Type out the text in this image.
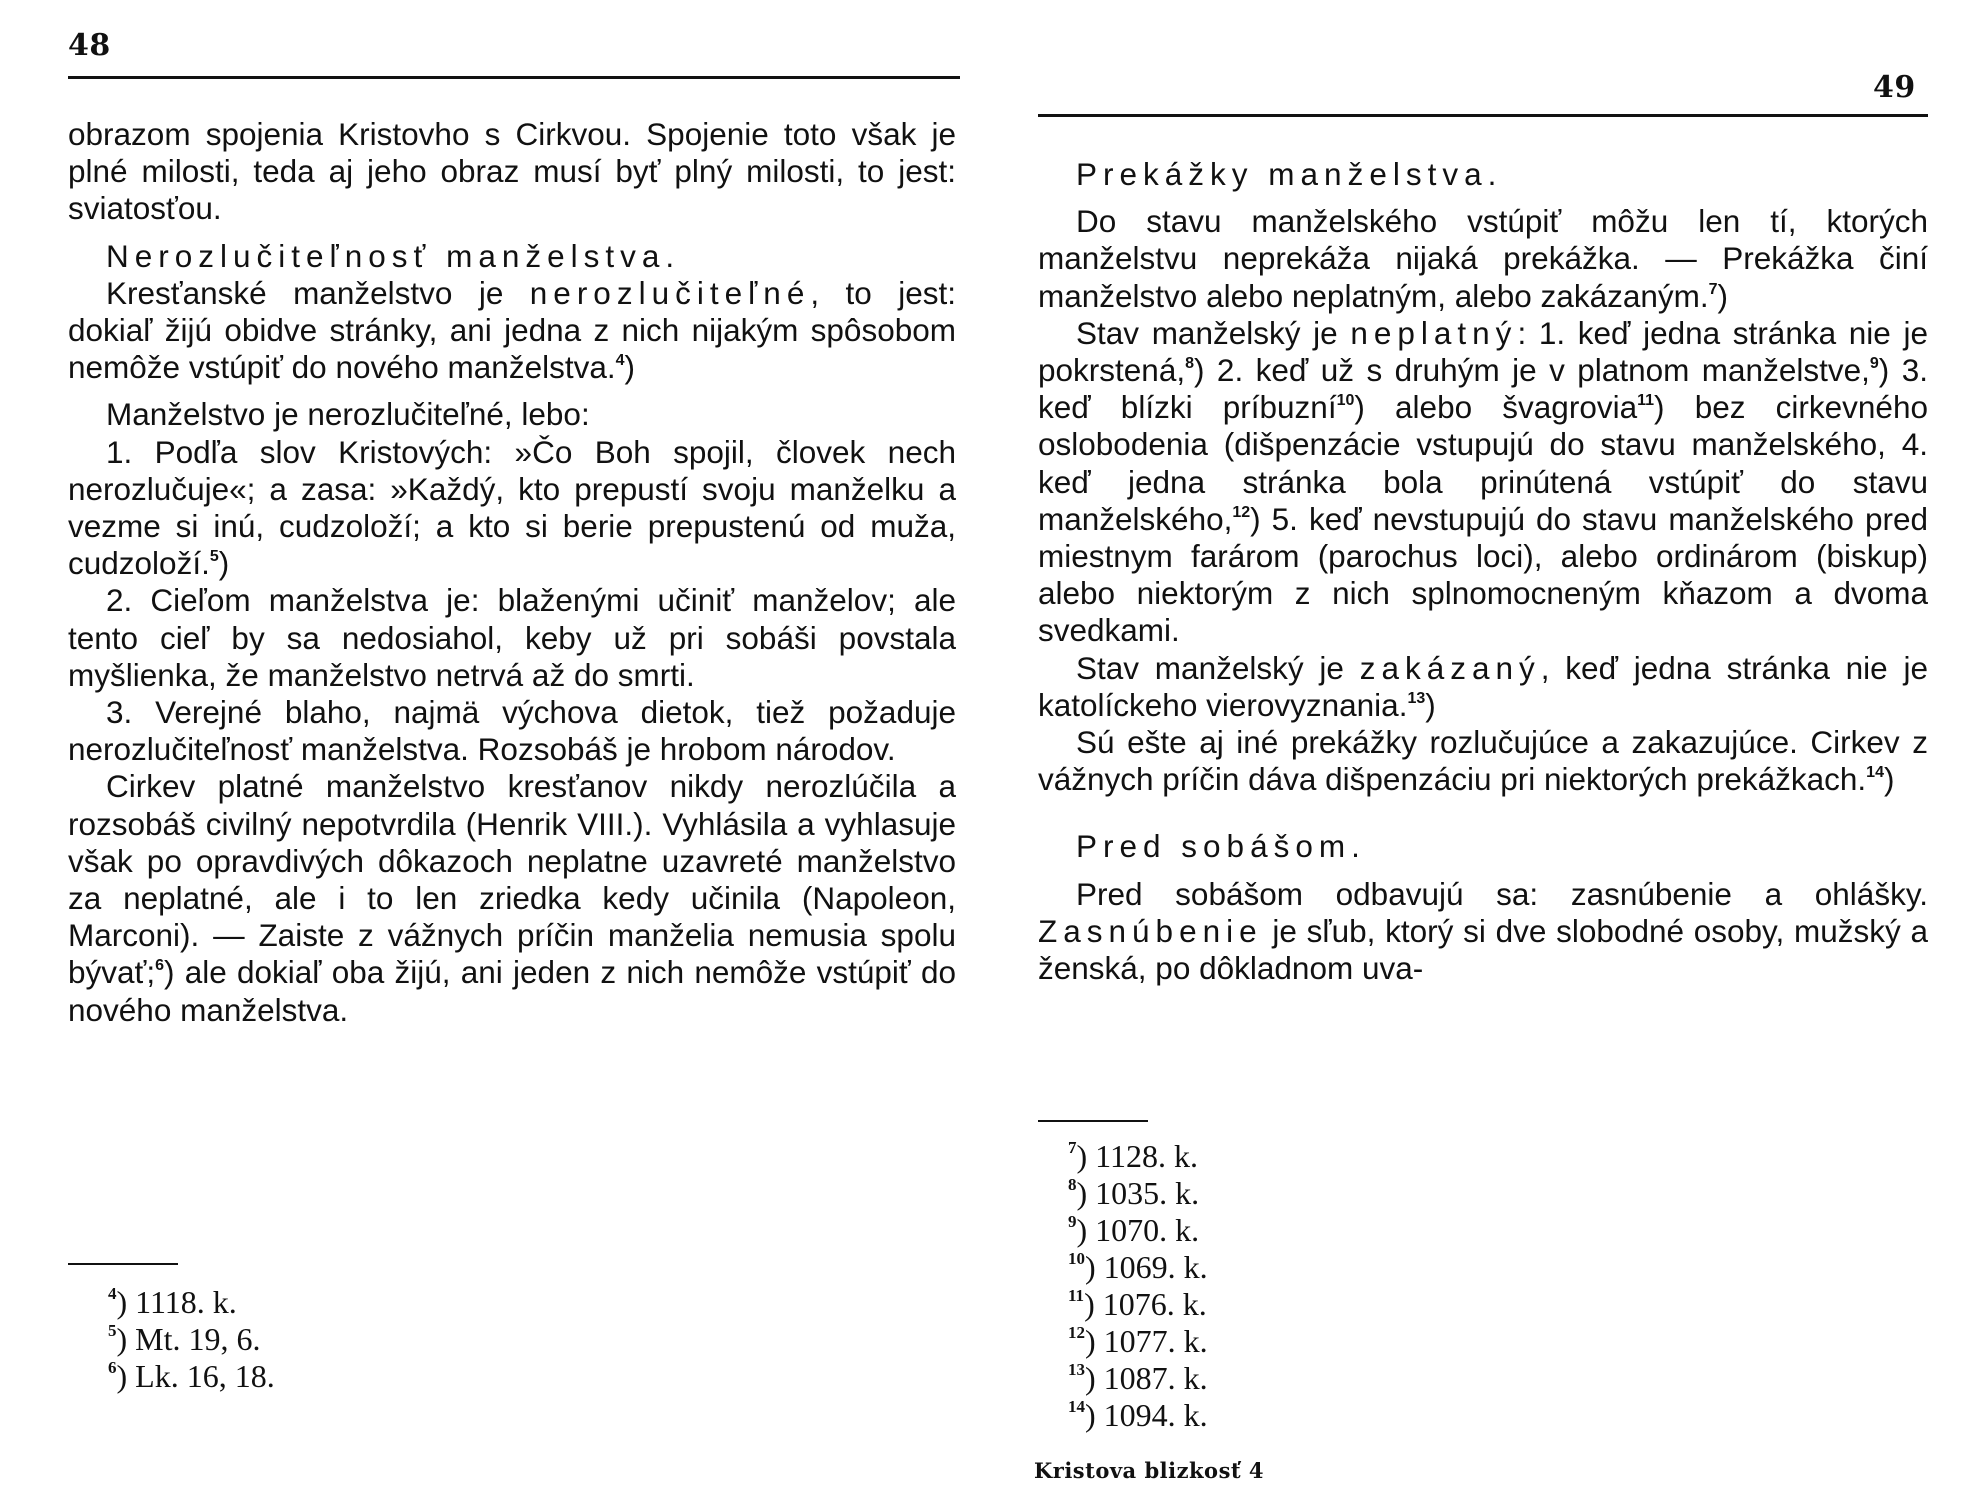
48

obrazom spojenia Kristovho s Cirkvou. Spojenie toto však je plné milosti, teda aj jeho obraz musí byť plný milosti, to jest: sviatosťou.

Nerozlučiteľnosť manželstva.

Kresťanské manželstvo je nerozlučiteľné, to jest: dokiaľ žijú obidve stránky, ani jedna z nich nijakým spôsobom nemôže vstúpiť do nového manželstva.$^4$)

Manželstvo je nerozlučiteľné, lebo:

1. Podľa slov Kristových: »Čo Boh spojil, človek nech nerozlučuje«; a zasa: »Každý, kto prepustí svoju manželku a vezme si inú, cudzoloží; a kto si berie prepustenú od muža, cudzoloží.$^5$)

2. Cieľom manželstva je: blaženými učiniť manželov; ale tento cieľ by sa nedosiahol, keby už pri sobáši povstala myšlienka, že manželstvo netrvá až do smrti.

3. Verejné blaho, najmä výchova dietok, tiež požaduje nerozlučiteľnosť manželstva. Rozsobáš je hrobom národov.

Cirkev platné manželstvo kresťanov nikdy nerozlúčila a rozsobáš civilný nepotvrdila (Henrik VIII.). Vyhlásila a vyhlasuje však po opravdivých dôkazoch neplatne uzavreté manželstvo za neplatné, ale i to len zriedka kedy učinila (Napoleon, Marconi). — Zaiste z vážnych príčin manželia nemusia spolu bývať;$^6$) ale dokiaľ oba žijú, ani jeden z nich nemôže vstúpiť do nového manželstva.

$^4$) 1118. k.
$^5$) Mt. 19, 6.
$^6$) Lk. 16, 18.
49

Prekážky manželstva.

Do stavu manželského vstúpiť môžu len tí, ktorých manželstvu neprekáža nijaká prekážka. — Prekážka činí manželstvo alebo neplatným, alebo zakázaným.$^7$)

Stav manželský je neplatný: 1. keď jedna stránka nie je pokrstená,$^8$) 2. keď už s druhým je v platnom manželstve,$^9$) 3. keď blízki príbuzní$^{10}$) alebo švagrovia$^{11}$) bez cirkevného oslobodenia (dišpenzácie vstupujú do stavu manželského, 4. keď jedna stránka bola prinútená vstúpiť do stavu manželského,$^{12}$) 5. keď nevstupujú do stavu manželského pred miestnym farárom (parochus loci), alebo ordinárom (biskup) alebo niektorým z nich splnomocneným kňazom a dvoma svedkami.

Stav manželský je zakázaný, keď jedna stránka nie je katolíckeho vierovyznania.$^{13}$)

Sú ešte aj iné prekážky rozlučujúce a zakazujúce. Cirkev z vážnych príčin dáva dišpenzáciu pri niektorých prekážkach.$^{14}$)

Pred sobášom.

Pred sobášom odbavujú sa: zasnúbenie a ohlášky. Zasnúbenie je sľub, ktorý si dve slobodné osoby, mužský a ženská, po dôkladnom uva-

$^7$) 1128. k.
$^8$) 1035. k.
$^9$) 1070. k.
$^{10}$) 1069. k.
$^{11}$) 1076. k.
$^{12}$) 1077. k.
$^{13}$) 1087. k.
$^{14}$) 1094. k.
Kristova blizkosť 4
